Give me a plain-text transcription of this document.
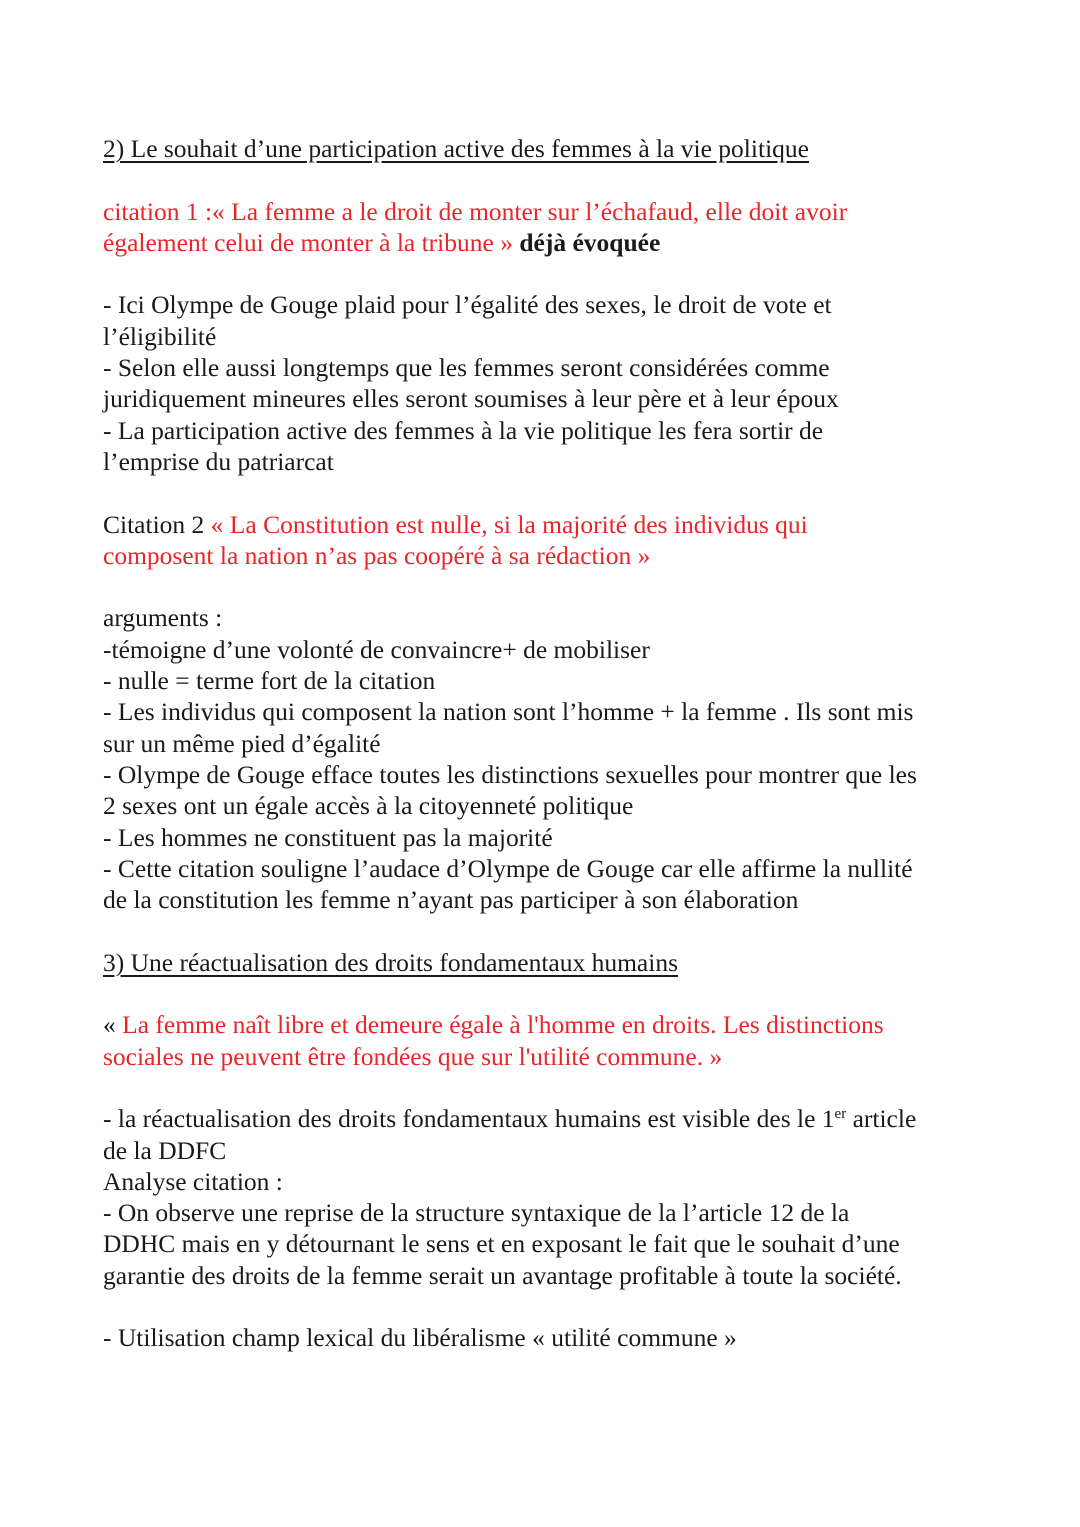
2) Le souhait d’une participation active des femmes à la vie politique
citation 1 :« La femme a le droit de monter sur l’échafaud, elle doit avoir
également celui de monter à la tribune » déjà évoquée
- Ici Olympe de Gouge plaid pour l’égalité des sexes, le droit de vote et
l’éligibilité
- Selon elle aussi longtemps que les femmes seront considérées comme
juridiquement mineures elles seront soumises à leur père et à leur époux
- La participation active des femmes à la vie politique les fera sortir de
l’emprise du patriarcat
Citation 2 « La Constitution est nulle, si la majorité des individus qui
composent la nation n’as pas coopéré à sa rédaction »
arguments :
-témoigne d’une volonté de convaincre+ de mobiliser
- nulle = terme fort de la citation
- Les individus qui composent la nation sont l’homme + la femme . Ils sont mis
sur un même pied d’égalité
- Olympe de Gouge efface toutes les distinctions sexuelles pour montrer que les
2 sexes ont un égale accès à la citoyenneté politique
- Les hommes ne constituent pas la majorité
- Cette citation souligne l’audace d’Olympe de Gouge car elle affirme la nullité
de la constitution les femme n’ayant pas participer à son élaboration
3) Une réactualisation des droits fondamentaux humains
« La femme naît libre et demeure égale à l'homme en droits. Les distinctions
sociales ne peuvent être fondées que sur l'utilité commune. »
- la réactualisation des droits fondamentaux humains est visible des le 1er article
de la DDFC
Analyse citation :
- On observe une reprise de la structure syntaxique de la l’article 12 de la
DDHC mais en y détournant le sens et en exposant le fait que le souhait d’une
garantie des droits de la femme serait un avantage profitable à toute la société.
- Utilisation champ lexical du libéralisme « utilité commune »
